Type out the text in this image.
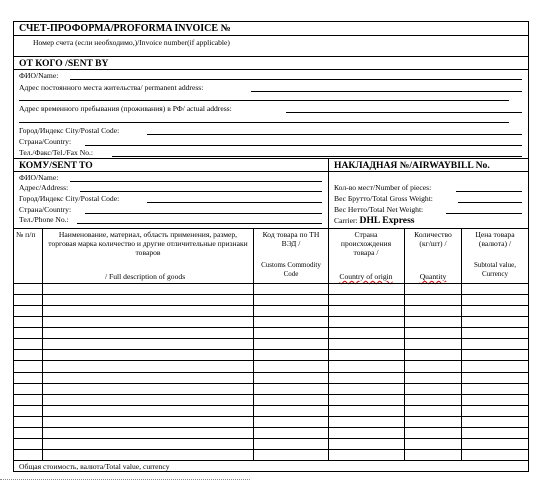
СЧЕТ-ПРОФОРМА/PROFORMA INVOICE №
Номер счета (если необходимо,)/Invoice number(if applicable)
ОТ КОГО /SENT BY
ФИО/Name:
Адрес постоянного места жительства/ permanent address:
Адрес временного пребывания (проживания) в РФ/ actual address:
Город/Индекс City/Postal Code:
Страна/Country:
Тел./Факс/Tel./Fax No.:
КОМУ/SENT TO	НАКЛАДНАЯ №/AIRWAYBILL No.
ФИО/Name:
Адрес/Address:
Город/Индекс City/Postal Code:
Страна/Country:
Тел./Phone No.:
Кол-во мест/Number of pieces:
Вес Брутто/Total Gross Weight:
Вес Нетто/Total Net Weight:
Carrier: DHL Express
№ п/п	Наименование, материал, область применения, размер, торговая марка количество и другие отличительные признаки товаров
/ Full description of goods
Код товара по ТН ВЭД /
Customs Commodity Code
Страна происхождения товара /
Country of origin
Количество (кг/шт) /
Quantity
Цена товара (валюта) /
Subtotal value, Currency
Общая стоимость, валюта/Total value, currency
